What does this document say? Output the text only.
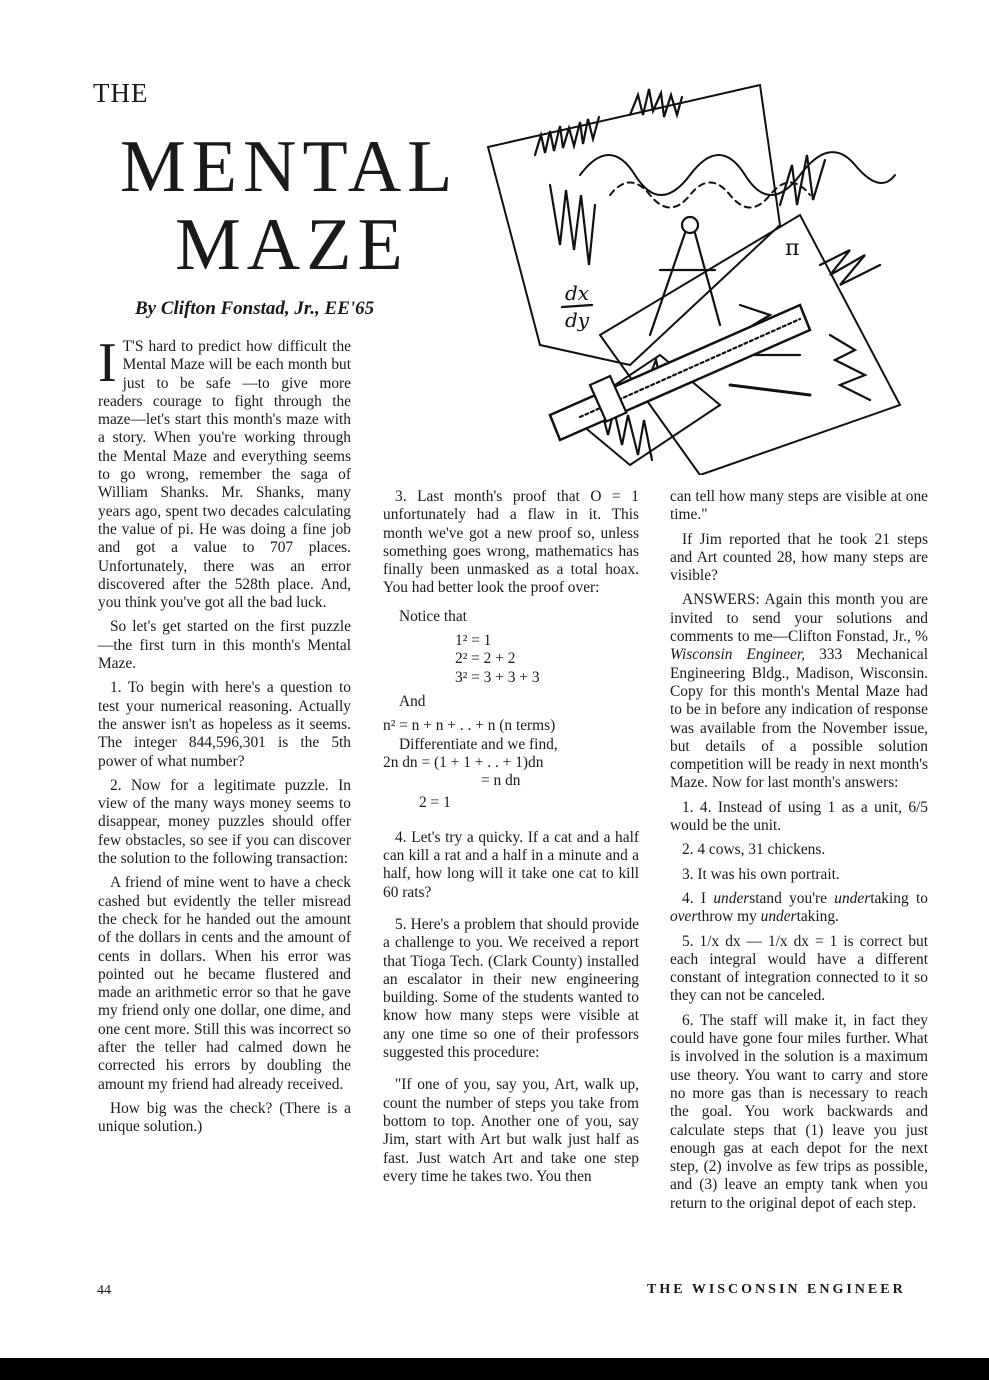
THE
MENTAL
MAZE
By Clifton Fonstad, Jr., EE'65
dx
dy
π

I T'S hard to predict how difficult the Mental Maze will be each month but just to be safe —to give more readers courage to fight through the maze—let's start this month's maze with a story. When you're working through the Mental Maze and everything seems to go wrong, remember the saga of William Shanks. Mr. Shanks, many years ago, spent two decades calculating the value of pi. He was doing a fine job and got a value to 707 places. Unfortunately, there was an error discovered after the 528th place. And, you think you've got all the bad luck.

So let's get started on the first puzzle—the first turn in this month's Mental Maze.

1. To begin with here's a question to test your numerical reasoning. Actually the answer isn't as hopeless as it seems. The integer 844,596,301 is the 5th power of what number?

2. Now for a legitimate puzzle. In view of the many ways money seems to disappear, money puzzles should offer few obstacles, so see if you can discover the solution to the following transaction:

A friend of mine went to have a check cashed but evidently the teller misread the check for he handed out the amount of the dollars in cents and the amount of cents in dollars. When his error was pointed out he became flustered and made an arithmetic error so that he gave my friend only one dollar, one dime, and one cent more. Still this was incorrect so after the teller had calmed down he corrected his errors by doubling the amount my friend had already received.

How big was the check? (There is a unique solution.)

3. Last month's proof that O = 1 unfortunately had a flaw in it. This month we've got a new proof so, unless something goes wrong, mathematics has finally been unmasked as a total hoax. You had better look the proof over:

Notice that
1² = 1
2² = 2 + 2
3² = 3 + 3 + 3
And
n² = n + n + . . + n (n terms)
Differentiate and we find,
2n dn = (1 + 1 + . . + 1)dn
= n dn
2 = 1

4. Let's try a quicky. If a cat and a half can kill a rat and a half in a minute and a half, how long will it take one cat to kill 60 rats?

5. Here's a problem that should provide a challenge to you. We received a report that Tioga Tech. (Clark County) installed an escalator in their new engineering building. Some of the students wanted to know how many steps were visible at any one time so one of their professors suggested this procedure:

"If one of you, say you, Art, walk up, count the number of steps you take from bottom to top. Another one of you, say Jim, start with Art but walk just half as fast. Just watch Art and take one step every time he takes two. You then

can tell how many steps are visible at one time."

If Jim reported that he took 21 steps and Art counted 28, how many steps are visible?

ANSWERS: Again this month you are invited to send your solutions and comments to me—Clifton Fonstad, Jr., % Wisconsin Engineer, 333 Mechanical Engineering Bldg., Madison, Wisconsin. Copy for this month's Mental Maze had to be in before any indication of response was available from the November issue, but details of a possible solution competition will be ready in next month's Maze. Now for last month's answers:

1. 4. Instead of using 1 as a unit, 6/5 would be the unit.

2. 4 cows, 31 chickens.

3. It was his own portrait.

4. I understand you're undertaking to overthrow my undertaking.

5. 1/x dx — 1/x dx = 1 is correct but each integral would have a different constant of integration connected to it so they can not be canceled.

6. The staff will make it, in fact they could have gone four miles further. What is involved in the solution is a maximum use theory. You want to carry and store no more gas than is necessary to reach the goal. You work backwards and calculate steps that (1) leave you just enough gas at each depot for the next step, (2) involve as few trips as possible, and (3) leave an empty tank when you return to the original depot of each step.

44	THE WISCONSIN ENGINEER
